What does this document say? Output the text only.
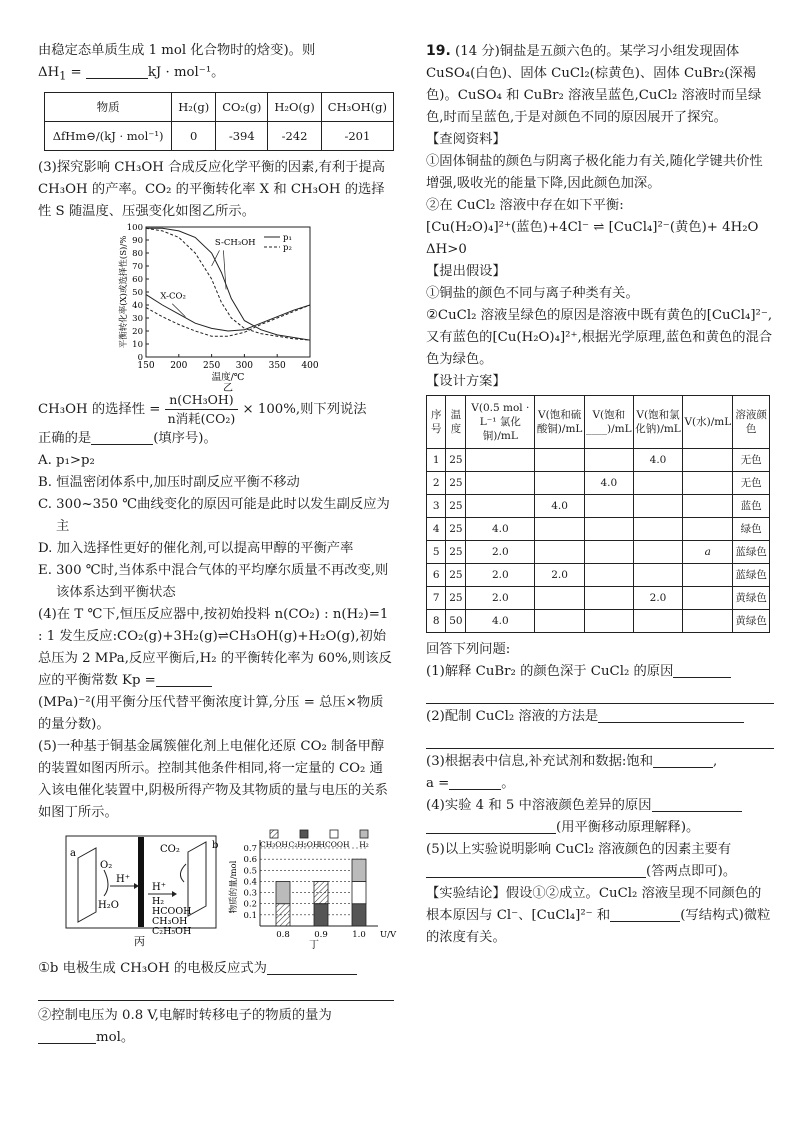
由稳定态单质生成 1 mol 化合物时的焓变)。则

$\Delta H_1$ =	kJ · mol⁻¹。

物质	H₂(g)	CO₂(g)	H₂O(g)	CH₃OH(g)
ΔfHm⊖/(kJ · mol⁻¹)	0	-394	-242	-201

(3)探究影响 CH₃OH 合成反应化学平衡的因素,有利于提高 CH₃OH 的产率。CO₂ 的平衡转化率 X 和 CH₃OH 的选择性 S 随温度、压强变化如图乙所示。

150 200 250 300 350 400
0
10
20
30
40
50
60
70
80
90
100
温度/℃
平衡转化率(X)或选择性(S)/%
乙
p₁
p₂
S-CH₃OH
X-CO₂

CH₃OH 的选择性 =
n(CH₃OH)
n消耗(CO₂)
× 100%,则下列说法

正确的是	(填序号)。

A. p₁>p₂

B. 恒温密闭体系中,加压时副反应平衡不移动

C. 300~350 ℃曲线变化的原因可能是此时以发生副反应为主

D. 加入选择性更好的催化剂,可以提高甲醇的平衡产率

E. 300 ℃时,当体系中混合气体的平均摩尔质量不再改变,则该体系达到平衡状态

(4)在 T ℃下,恒压反应器中,按初始投料 n(CO₂) : n(H₂)=1 : 1 发生反应:CO₂(g)+3H₂(g)⇌CH₃OH(g)+H₂O(g),初始总压为 2 MPa,反应平衡后,H₂ 的平衡转化率为 60%,则该反应的平衡常数 Kp =

(MPa)⁻²(用平衡分压代替平衡浓度计算,分压 = 总压×物质的量分数)。

(5)一种基于铜基金属簇催化剂上电催化还原 CO₂ 制备甲醇的装置如图丙所示。控制其他条件相同,将一定量的 CO₂ 通入该电催化装置中,阴极所得产物及其物质的量与电压的关系如图丁所示。

a
b
O₂
H₂O
H⁺
H⁺
CO₂
H₂
HCOOH
CH₃OH
C₂H₅OH
丙
0.1
0.2
0.3
0.4
0.5
0.6
0.7
物质的量/mol
U/V
0.8	0.9	1.0
CH₃OH C₂H₅OH
HCOOH H₂
丁

①b 电极生成 CH₃OH 的电极反应式为

②控制电压为 0.8 V,电解时转移电子的物质的量为

mol。

19. (14 分)铜盐是五颜六色的。某学习小组发现固体 CuSO₄(白色)、固体 CuCl₂(棕黄色)、固体 CuBr₂(深褐色)。CuSO₄ 和 CuBr₂ 溶液呈蓝色,CuCl₂ 溶液时而呈绿色,时而呈蓝色,于是对颜色不同的原因展开了探究。

【查阅资料】

①固体铜盐的颜色与阴离子极化能力有关,随化学键共价性增强,吸收光的能量下降,因此颜色加深。

②在 CuCl₂ 溶液中存在如下平衡:

[Cu(H₂O)₄]²⁺(蓝色)+4Cl⁻ ⇌ [CuCl₄]²⁻(黄色)+ 4H₂O ΔH>0

【提出假设】

①铜盐的颜色不同与离子种类有关。

②CuCl₂ 溶液呈绿色的原因是溶液中既有黄色的[CuCl₄]²⁻,又有蓝色的[Cu(H₂O)₄]²⁺,根据光学原理,蓝色和黄色的混合色为绿色。

【设计方案】

序号	温度	V(0.5 mol · L⁻¹ 氯化铜)/mL	V(饱和硫酸铜)/mL	V(饱和____)/mL	V(饱和氯化钠)/mL	V(水)/mL	溶液颜色
1	25				4.0		无色
2	25			4.0			无色
3	25		4.0				蓝色
4	25	4.0					绿色
5	25	2.0				a	蓝绿色
6	25	2.0	2.0				蓝绿色
7	25	2.0			2.0		黄绿色
8	50	4.0					黄绿色

回答下列问题:

(1)解释 CuBr₂ 的颜色深于 CuCl₂ 的原因

(2)配制 CuCl₂ 溶液的方法是

(3)根据表中信息,补充试剂和数据:饱和	,

a =	。

(4)实验 4 和 5 中溶液颜色差异的原因

(用平衡移动原理解释)。

(5)以上实验说明影响 CuCl₂ 溶液颜色的因素主要有

(答两点即可)。

【实验结论】假设①②成立。CuCl₂ 溶液呈现不同颜色的根本原因与 Cl⁻、[CuCl₄]²⁻ 和	(写结构式)微粒的浓度有关。
